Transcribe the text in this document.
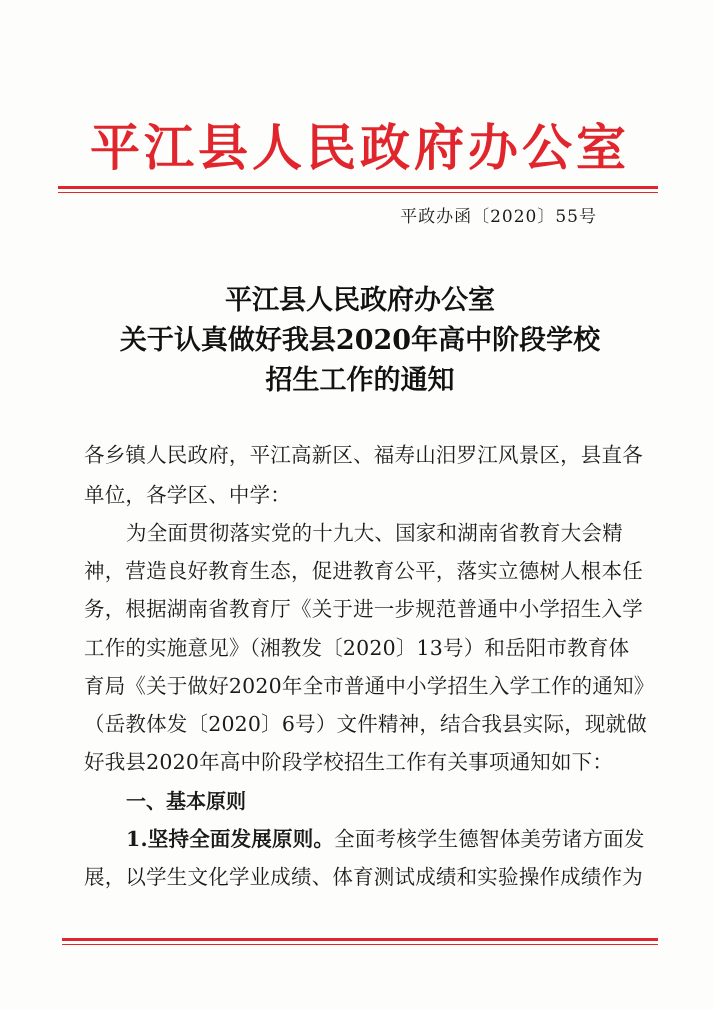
平江县人民政府办公室
平政办函〔2020〕55号
平江县人民政府办公室
关于认真做好我县2020年高中阶段学校
招生工作的通知
各乡镇人民政府，平江高新区、福寿山汨罗江风景区，县直各
单位，各学区、中学：
为全面贯彻落实党的十九大、国家和湖南省教育大会精
神，营造良好教育生态，促进教育公平，落实立德树人根本任
务，根据湖南省教育厅《关于进一步规范普通中小学招生入学
工作的实施意见》（湘教发〔2020〕13号）和岳阳市教育体
育局《关于做好2020年全市普通中小学招生入学工作的通知》
（岳教体发〔2020〕6号）文件精神，结合我县实际，现就做
好我县2020年高中阶段学校招生工作有关事项通知如下：
一、基本原则
1.坚持全面发展原则。全面考核学生德智体美劳诸方面发
展，以学生文化学业成绩、体育测试成绩和实验操作成绩作为
